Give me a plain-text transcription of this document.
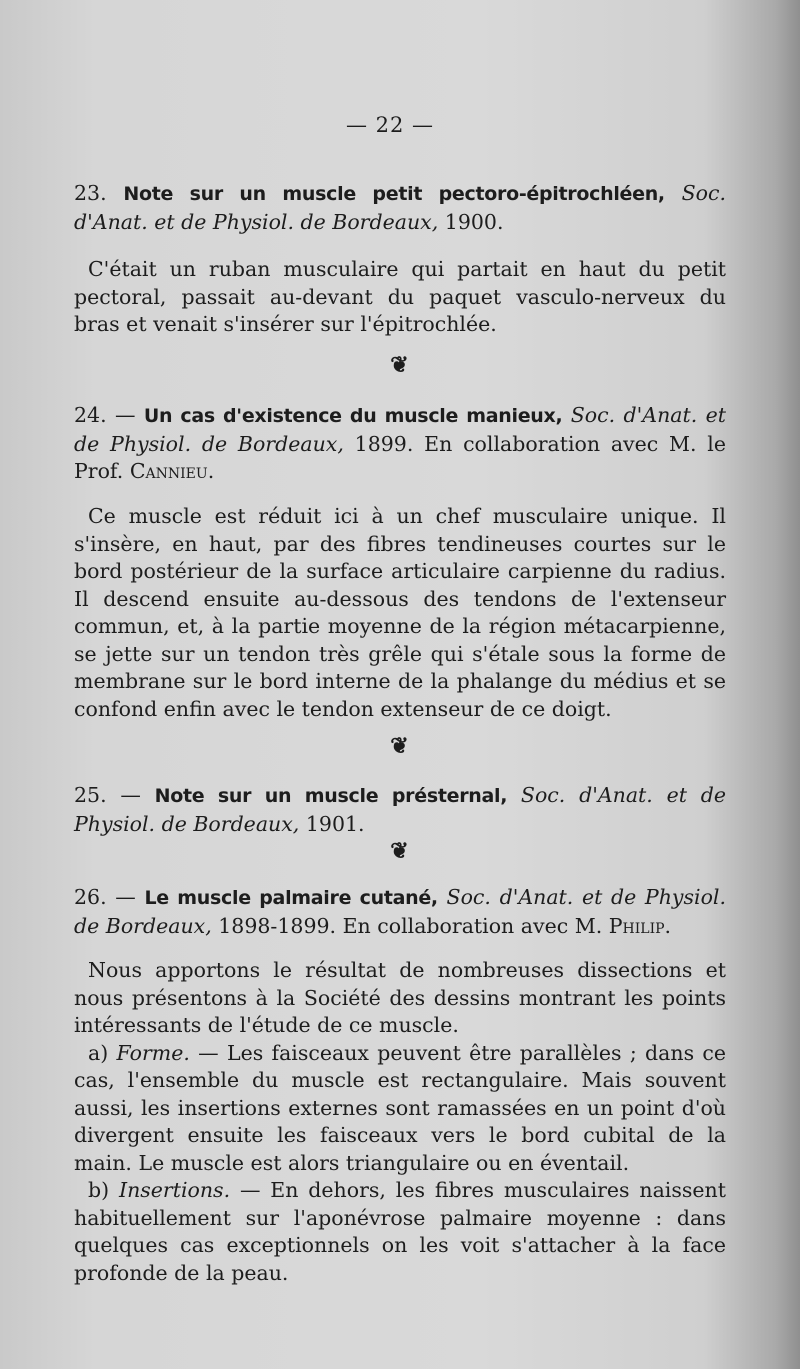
— 22 —
23. Note sur un muscle petit pectoro-épitrochléen, Soc. d'Anat. et de Physiol. de Bordeaux, 1900.

C'était un ruban musculaire qui partait en haut du petit pectoral, passait au-devant du paquet vasculo-nerveux du bras et venait s'insérer sur l'épitrochlée.

❦
24. — Un cas d'existence du muscle manieux, Soc. d'Anat. et de Physiol. de Bordeaux, 1899. En collaboration avec M. le Prof. Cannieu.

Ce muscle est réduit ici à un chef musculaire unique. Il s'insère, en haut, par des fibres tendineuses courtes sur le bord postérieur de la surface articulaire carpienne du radius. Il descend ensuite au-dessous des tendons de l'extenseur commun, et, à la partie moyenne de la région métacarpienne, se jette sur un tendon très grêle qui s'étale sous la forme de membrane sur le bord interne de la phalange du médius et se confond enfin avec le tendon extenseur de ce doigt.

❦
25. — Note sur un muscle présternal, Soc. d'Anat. et de Physiol. de Bordeaux, 1901.
❦
26. — Le muscle palmaire cutané, Soc. d'Anat. et de Physiol. de Bordeaux, 1898-1899. En collaboration avec M. Philip.

Nous apportons le résultat de nombreuses dissections et nous présentons à la Société des dessins montrant les points intéressants de l'étude de ce muscle.

a) Forme. — Les faisceaux peuvent être parallèles ; dans ce cas, l'ensemble du muscle est rectangulaire. Mais souvent aussi, les insertions externes sont ramassées en un point d'où divergent ensuite les faisceaux vers le bord cubital de la main. Le muscle est alors triangulaire ou en éventail.

b) Insertions. — En dehors, les fibres musculaires naissent habituellement sur l'aponévrose palmaire moyenne : dans quelques cas exceptionnels on les voit s'attacher à la face profonde de la peau.
